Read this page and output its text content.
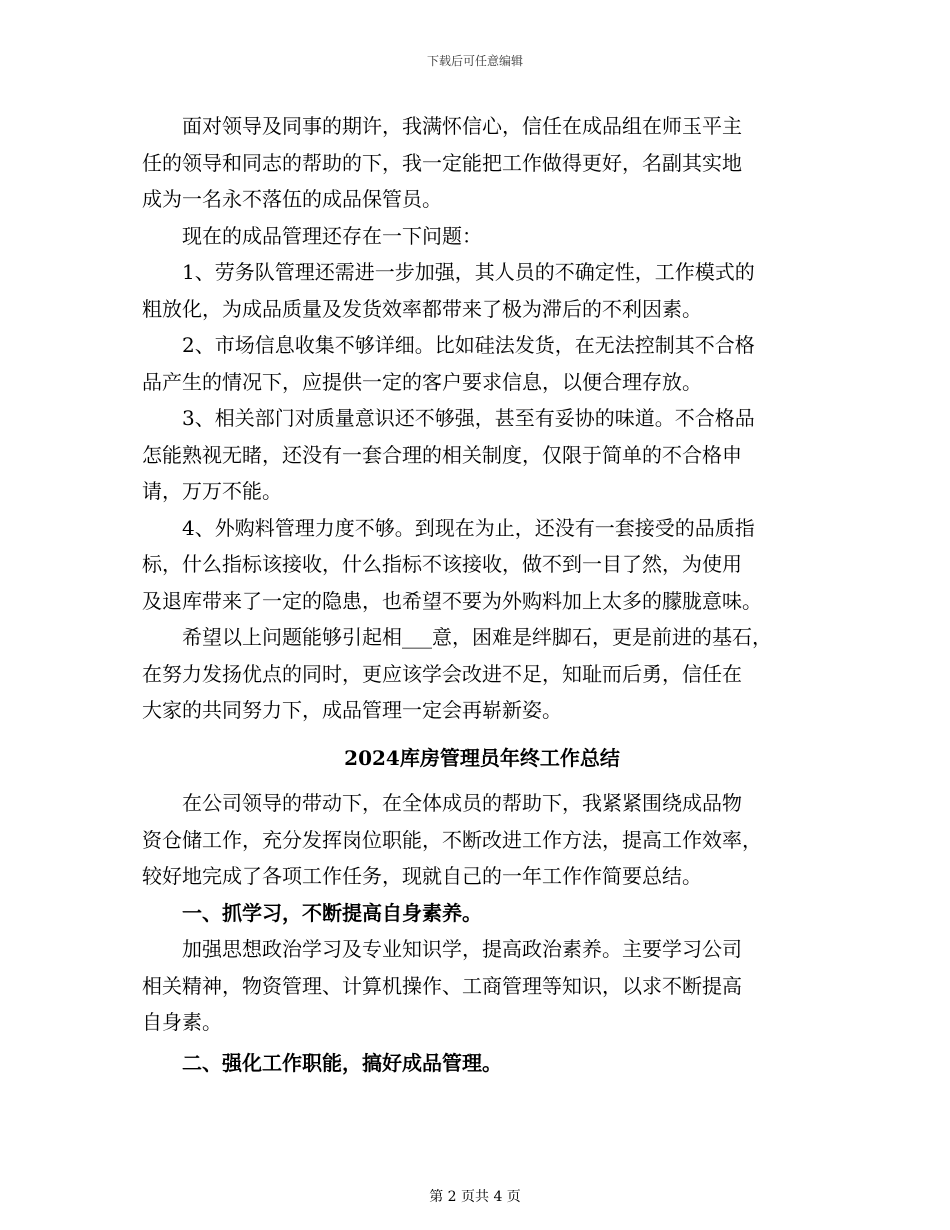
下载后可任意编辑

面对领导及同事的期许，我满怀信心，信任在成品组在师玉平主
任的领导和同志的帮助的下，我一定能把工作做得更好，名副其实地
成为一名永不落伍的成品保管员。

现在的成品管理还存在一下问题：

1、劳务队管理还需进一步加强，其人员的不确定性，工作模式的
粗放化，为成品质量及发货效率都带来了极为滞后的不利因素。

2、市场信息收集不够详细。比如硅法发货，在无法控制其不合格
品产生的情况下，应提供一定的客户要求信息，以便合理存放。

3、相关部门对质量意识还不够强，甚至有妥协的味道。不合格品
怎能熟视无睹，还没有一套合理的相关制度，仅限于简单的不合格申
请，万万不能。

4、外购料管理力度不够。到现在为止，还没有一套接受的品质指
标，什么指标该接收，什么指标不该接收，做不到一目了然，为使用
及退库带来了一定的隐患，也希望不要为外购料加上太多的朦胧意味。

希望以上问题能够引起相___意，困难是绊脚石，更是前进的基石，
在努力发扬优点的同时，更应该学会改进不足，知耻而后勇，信任在
大家的共同努力下，成品管理一定会再崭新姿。

2024库房管理员年终工作总结

在公司领导的带动下，在全体成员的帮助下，我紧紧围绕成品物
资仓储工作，充分发挥岗位职能，不断改进工作方法，提高工作效率，
较好地完成了各项工作任务，现就自己的一年工作作简要总结。

一、抓学习，不断提高自身素养。

加强思想政治学习及专业知识学，提高政治素养。主要学习公司
相关精神，物资管理、计算机操作、工商管理等知识，以求不断提高
自身素。

二、强化工作职能，搞好成品管理。

第 2 页共 4 页
